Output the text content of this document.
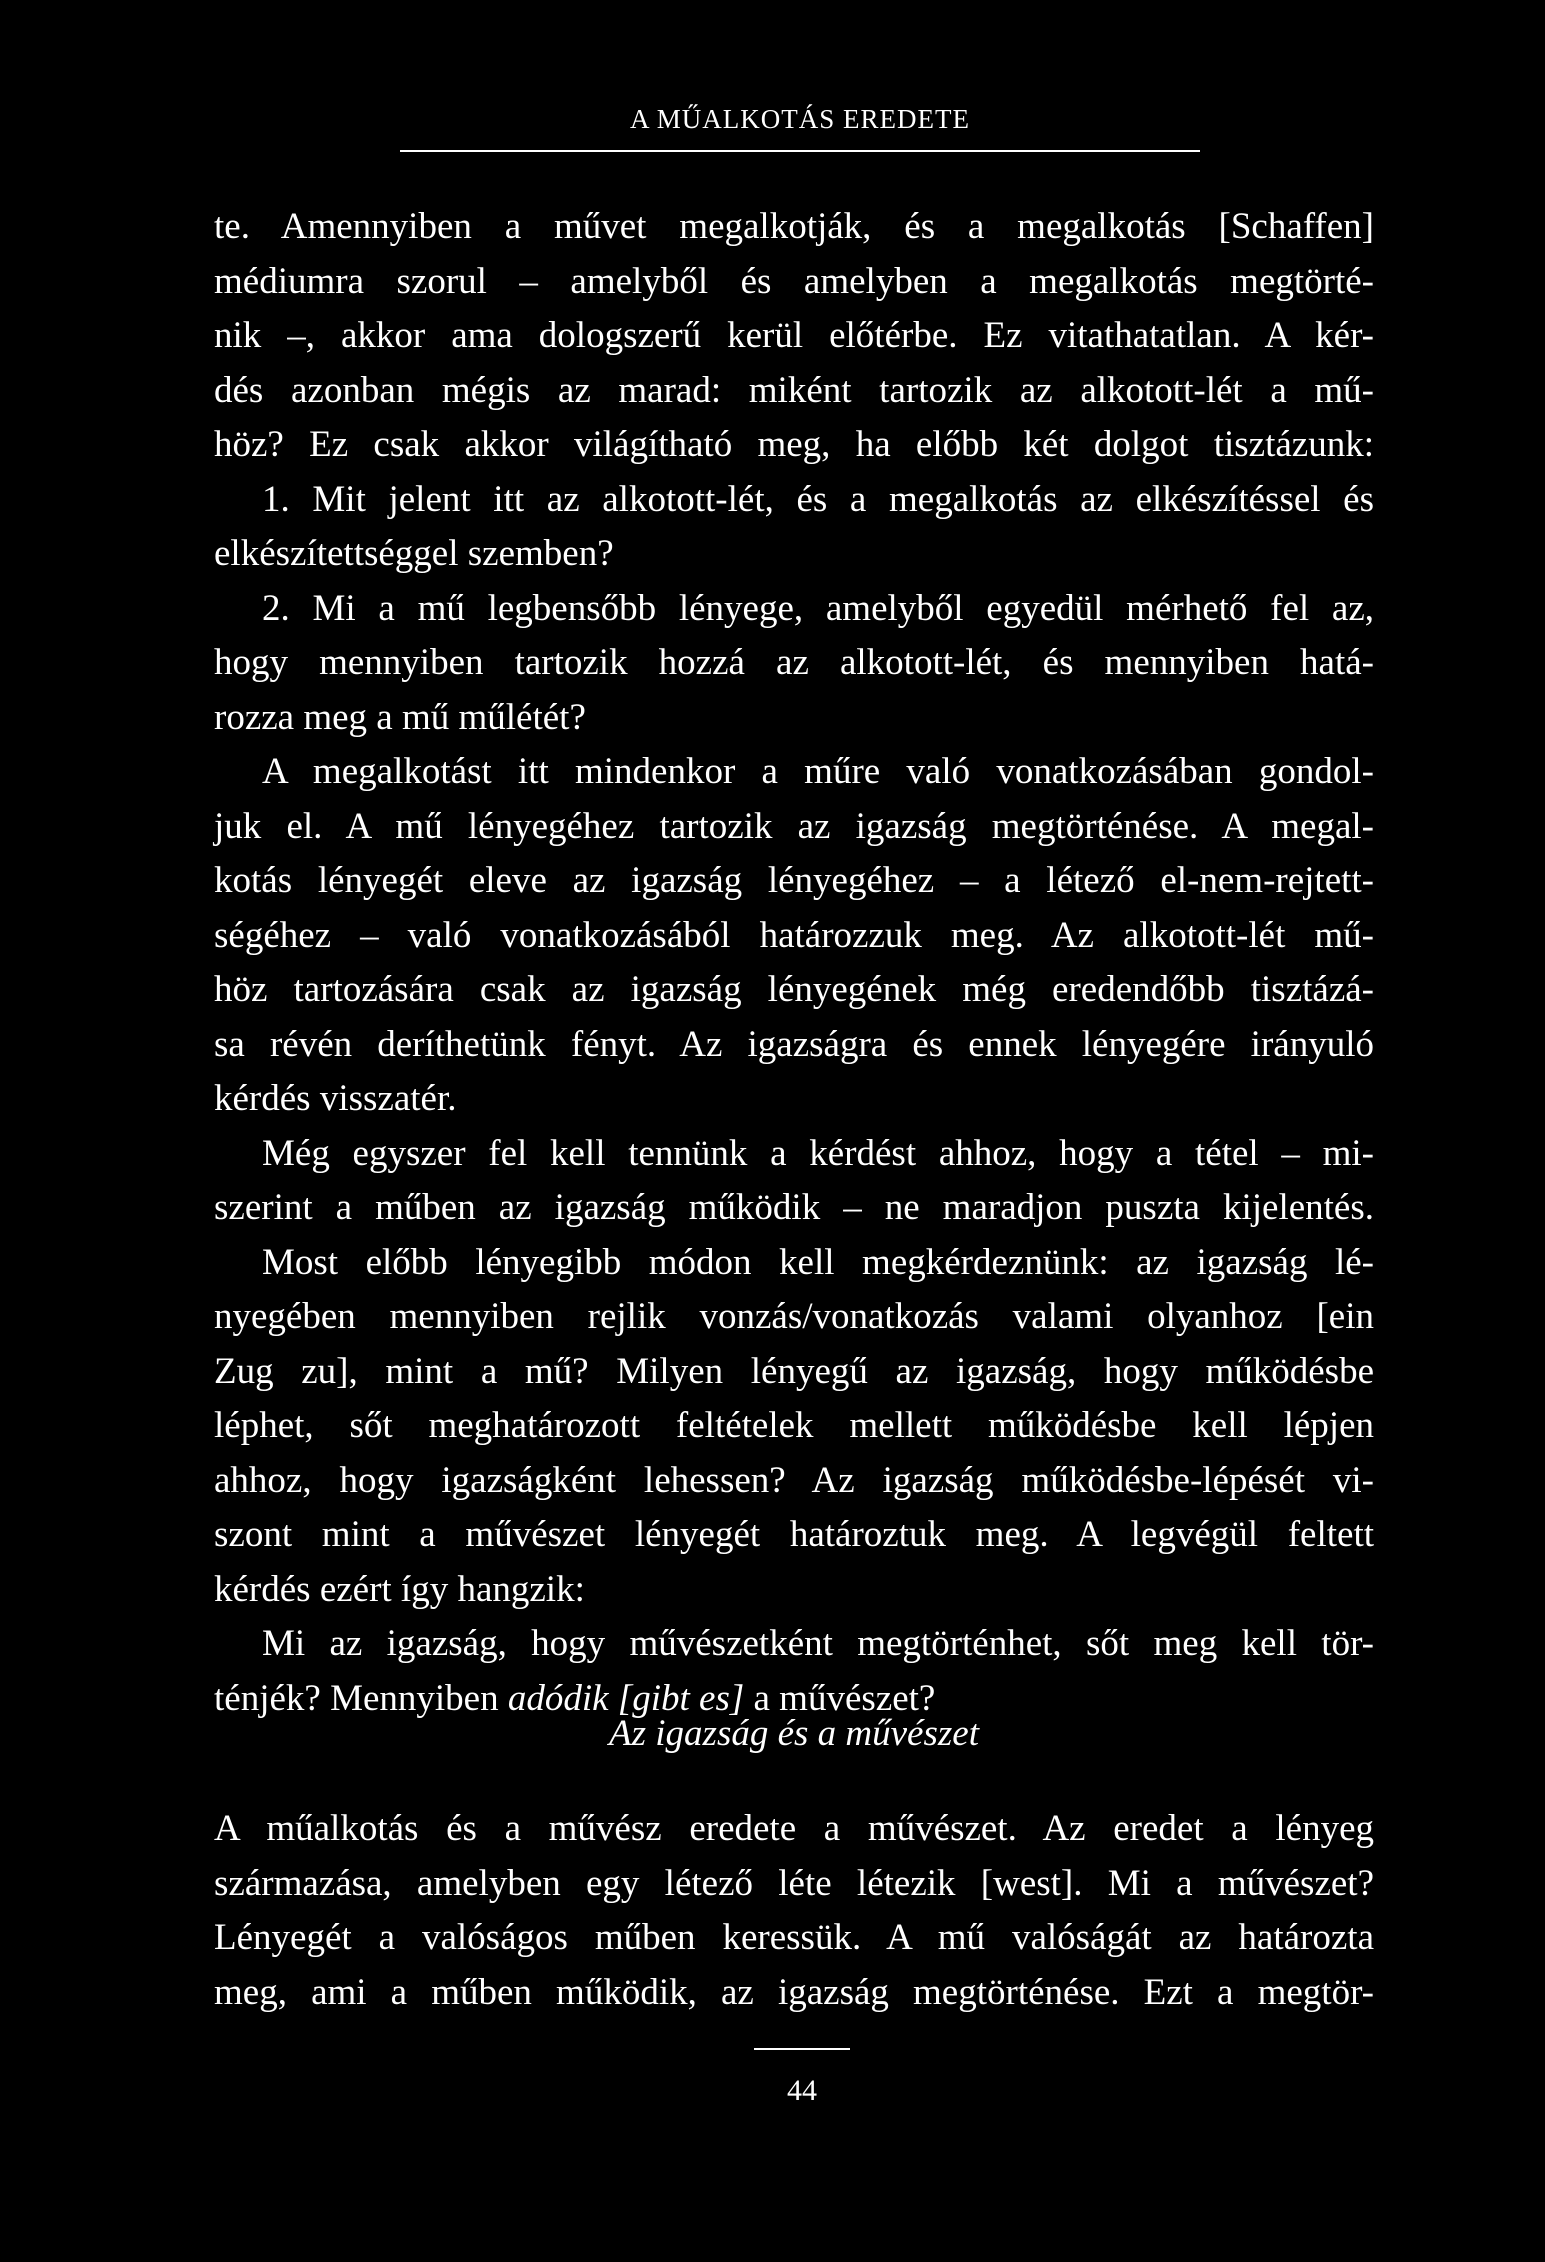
A MŰALKOTÁS EREDETE

te. Amennyiben a művet megalkotják, és a megalkotás [Schaffen]

médiumra szorul – amelyből és amelyben a megalkotás megtörté-

nik –, akkor ama dologszerű kerül előtérbe. Ez vitathatatlan. A kér-

dés azonban mégis az marad: miként tartozik az alkotott-lét a mű-

höz? Ez csak akkor világítható meg, ha előbb két dolgot tisztázunk:

1. Mit jelent itt az alkotott-lét, és a megalkotás az elkészítéssel és

elkészítettséggel szemben?

2. Mi a mű legbensőbb lényege, amelyből egyedül mérhető fel az,

hogy mennyiben tartozik hozzá az alkotott-lét, és mennyiben hatá-

rozza meg a mű műlétét?

A megalkotást itt mindenkor a műre való vonatkozásában gondol-

juk el. A mű lényegéhez tartozik az igazság megtörténése. A megal-

kotás lényegét eleve az igazság lényegéhez – a létező el-nem-rejtett-

ségéhez – való vonatkozásából határozzuk meg. Az alkotott-lét mű-

höz tartozására csak az igazság lényegének még eredendőbb tisztázá-

sa révén deríthetünk fényt. Az igazságra és ennek lényegére irányuló

kérdés visszatér.

Még egyszer fel kell tennünk a kérdést ahhoz, hogy a tétel – mi-

szerint a műben az igazság működik – ne maradjon puszta kijelentés.

Most előbb lényegibb módon kell megkérdeznünk: az igazság lé-

nyegében mennyiben rejlik vonzás/vonatkozás valami olyanhoz [ein

Zug zu], mint a mű? Milyen lényegű az igazság, hogy működésbe

léphet, sőt meghatározott feltételek mellett működésbe kell lépjen

ahhoz, hogy igazságként lehessen? Az igazság működésbe-lépését vi-

szont mint a művészet lényegét határoztuk meg. A legvégül feltett

kérdés ezért így hangzik:

Mi az igazság, hogy művészetként megtörténhet, sőt meg kell tör-

ténjék? Mennyiben adódik [gibt es] a művészet?

Az igazság és a művészet

A műalkotás és a művész eredete a művészet. Az eredet a lényeg

származása, amelyben egy létező léte létezik [west]. Mi a művészet?

Lényegét a valóságos műben keressük. A mű valóságát az határozta

meg, ami a műben működik, az igazság megtörténése. Ezt a megtör-

44
